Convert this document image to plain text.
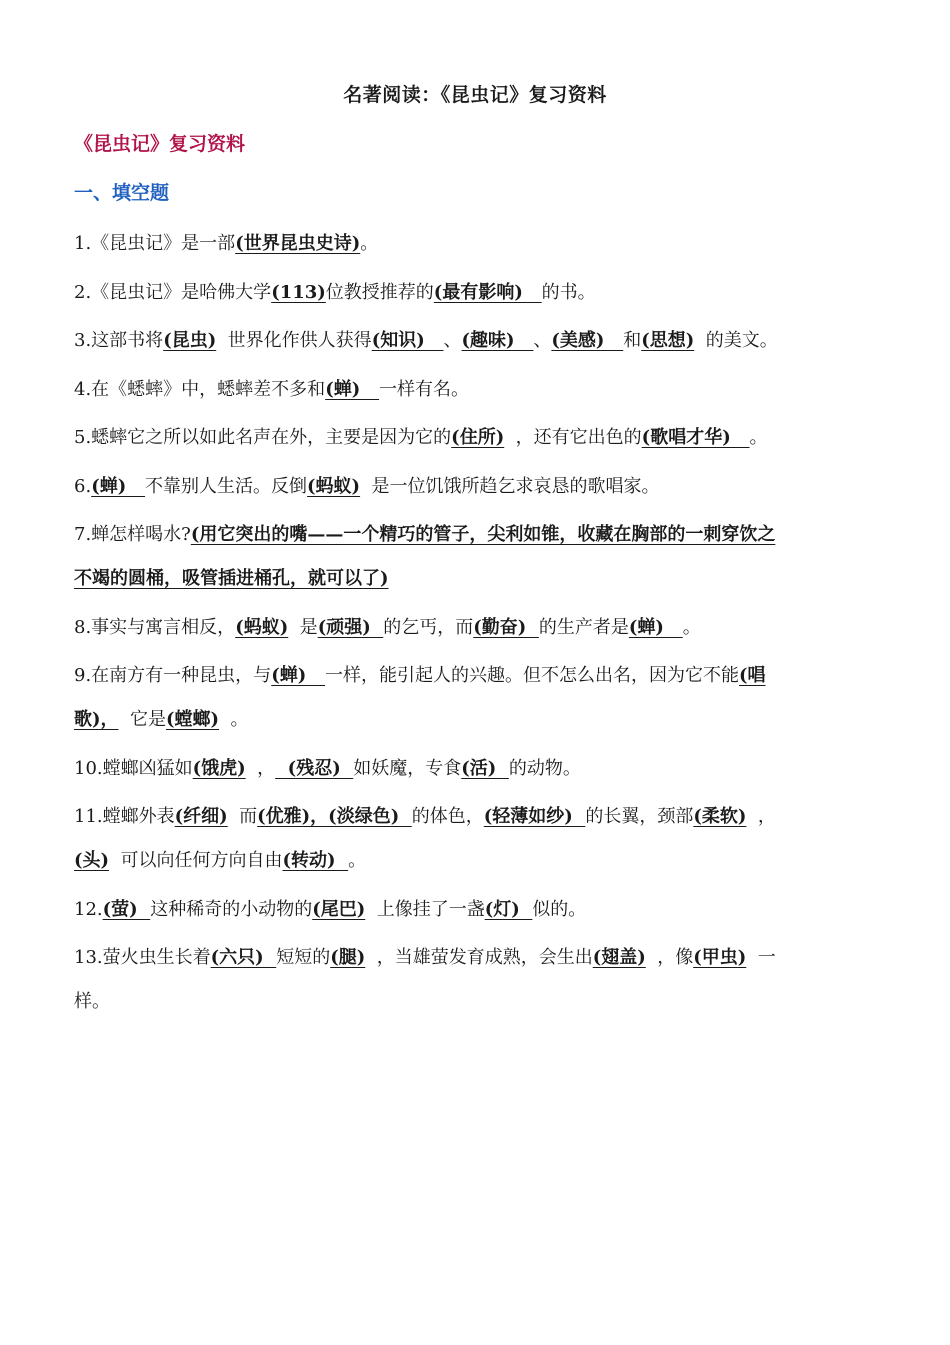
名著阅读：《昆虫记》复习资料
《昆虫记》复习资料
一、填空题
1.《昆虫记》是一部(世界昆虫史诗)。
2.《昆虫记》是哈佛大学(113)位教授推荐的(最有影响)   的书。
3.这部书将(昆虫)  世界化作供人获得(知识)   、(趣味)   、(美感)   和(思想)  的美文。
4.在《蟋蟀》中，蟋蟀差不多和(蝉)   一样有名。
5.蟋蟀它之所以如此名声在外，主要是因为它的(住所)  ，还有它出色的(歌唱才华)   。
6.(蝉)   不靠别人生活。反倒(蚂蚁)  是一位饥饿所趋乞求哀恳的歌唱家。
7.蝉怎样喝水?(用它突出的嘴——一个精巧的管子，尖利如锥，收藏在胸部的一刺穿饮之不竭的圆桶，吸管插进桶孔，就可以了)
8.事实与寓言相反，(蚂蚁)  是(顽强)  的乞丐，而(勤奋)  的生产者是(蝉)   。
9.在南方有一种昆虫，与(蝉)   一样，能引起人的兴趣。但不怎么出名，因为它不能(唱歌)，  它是(螳螂)  。
10.螳螂凶猛如(饿虎)  ，  (残忍)  如妖魔，专食(活)  的动物。
11.螳螂外表(纤细)  而(优雅)，(淡绿色)  的体色，(轻薄如纱)  的长翼，颈部(柔软)  ，(头)  可以向任何方向自由(转动)  。
12.(萤)  这种稀奇的小动物的(尾巴)  上像挂了一盏(灯)  似的。
13.萤火虫生长着(六只)  短短的(腿)  ，当雄萤发育成熟，会生出(翅盖)  ，像(甲虫)  一样。
